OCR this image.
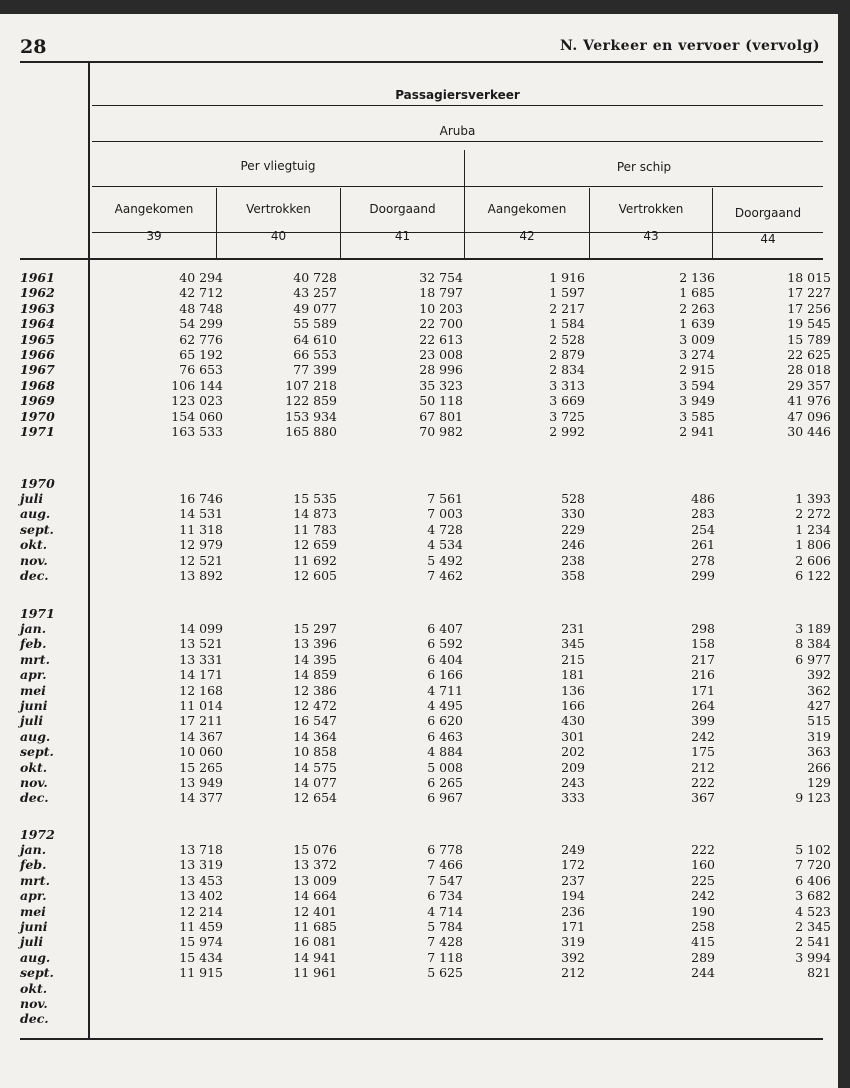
28	N. Verkeer en vervoer (vervolg)
Passagiersverkeer
Aruba
Per vliegtuig	Per schip
Aangekomen	Vertrokken	Doorgaand	Aangekomen	Vertrokken	Doorgaand
39	40	41	42	43	44
1961	40 294	40 728	32 754	1 916	2 136	18 015
1962	42 712	43 257	18 797	1 597	1 685	17 227
1963	48 748	49 077	10 203	2 217	2 263	17 256
1964	54 299	55 589	22 700	1 584	1 639	19 545
1965	62 776	64 610	22 613	2 528	3 009	15 789
1966	65 192	66 553	23 008	2 879	3 274	22 625
1967	76 653	77 399	28 996	2 834	2 915	28 018
1968	106 144	107 218	35 323	3 313	3 594	29 357
1969	123 023	122 859	50 118	3 669	3 949	41 976
1970	154 060	153 934	67 801	3 725	3 585	47 096
1971	163 533	165 880	70 982	2 992	2 941	30 446
1970
juli	16 746	15 535	7 561	528	486	1 393
aug.	14 531	14 873	7 003	330	283	2 272
sept.	11 318	11 783	4 728	229	254	1 234
okt.	12 979	12 659	4 534	246	261	1 806
nov.	12 521	11 692	5 492	238	278	2 606
dec.	13 892	12 605	7 462	358	299	6 122
1971
jan.	14 099	15 297	6 407	231	298	3 189
feb.	13 521	13 396	6 592	345	158	8 384
mrt.	13 331	14 395	6 404	215	217	6 977
apr.	14 171	14 859	6 166	181	216	392
mei	12 168	12 386	4 711	136	171	362
juni	11 014	12 472	4 495	166	264	427
juli	17 211	16 547	6 620	430	399	515
aug.	14 367	14 364	6 463	301	242	319
sept.	10 060	10 858	4 884	202	175	363
okt.	15 265	14 575	5 008	209	212	266
nov.	13 949	14 077	6 265	243	222	129
dec.	14 377	12 654	6 967	333	367	9 123
1972
jan.	13 718	15 076	6 778	249	222	5 102
feb.	13 319	13 372	7 466	172	160	7 720
mrt.	13 453	13 009	7 547	237	225	6 406
apr.	13 402	14 664	6 734	194	242	3 682
mei	12 214	12 401	4 714	236	190	4 523
juni	11 459	11 685	5 784	171	258	2 345
juli	15 974	16 081	7 428	319	415	2 541
aug.	15 434	14 941	7 118	392	289	3 994
sept.	11 915	11 961	5 625	212	244	821
okt.
nov.
dec.
